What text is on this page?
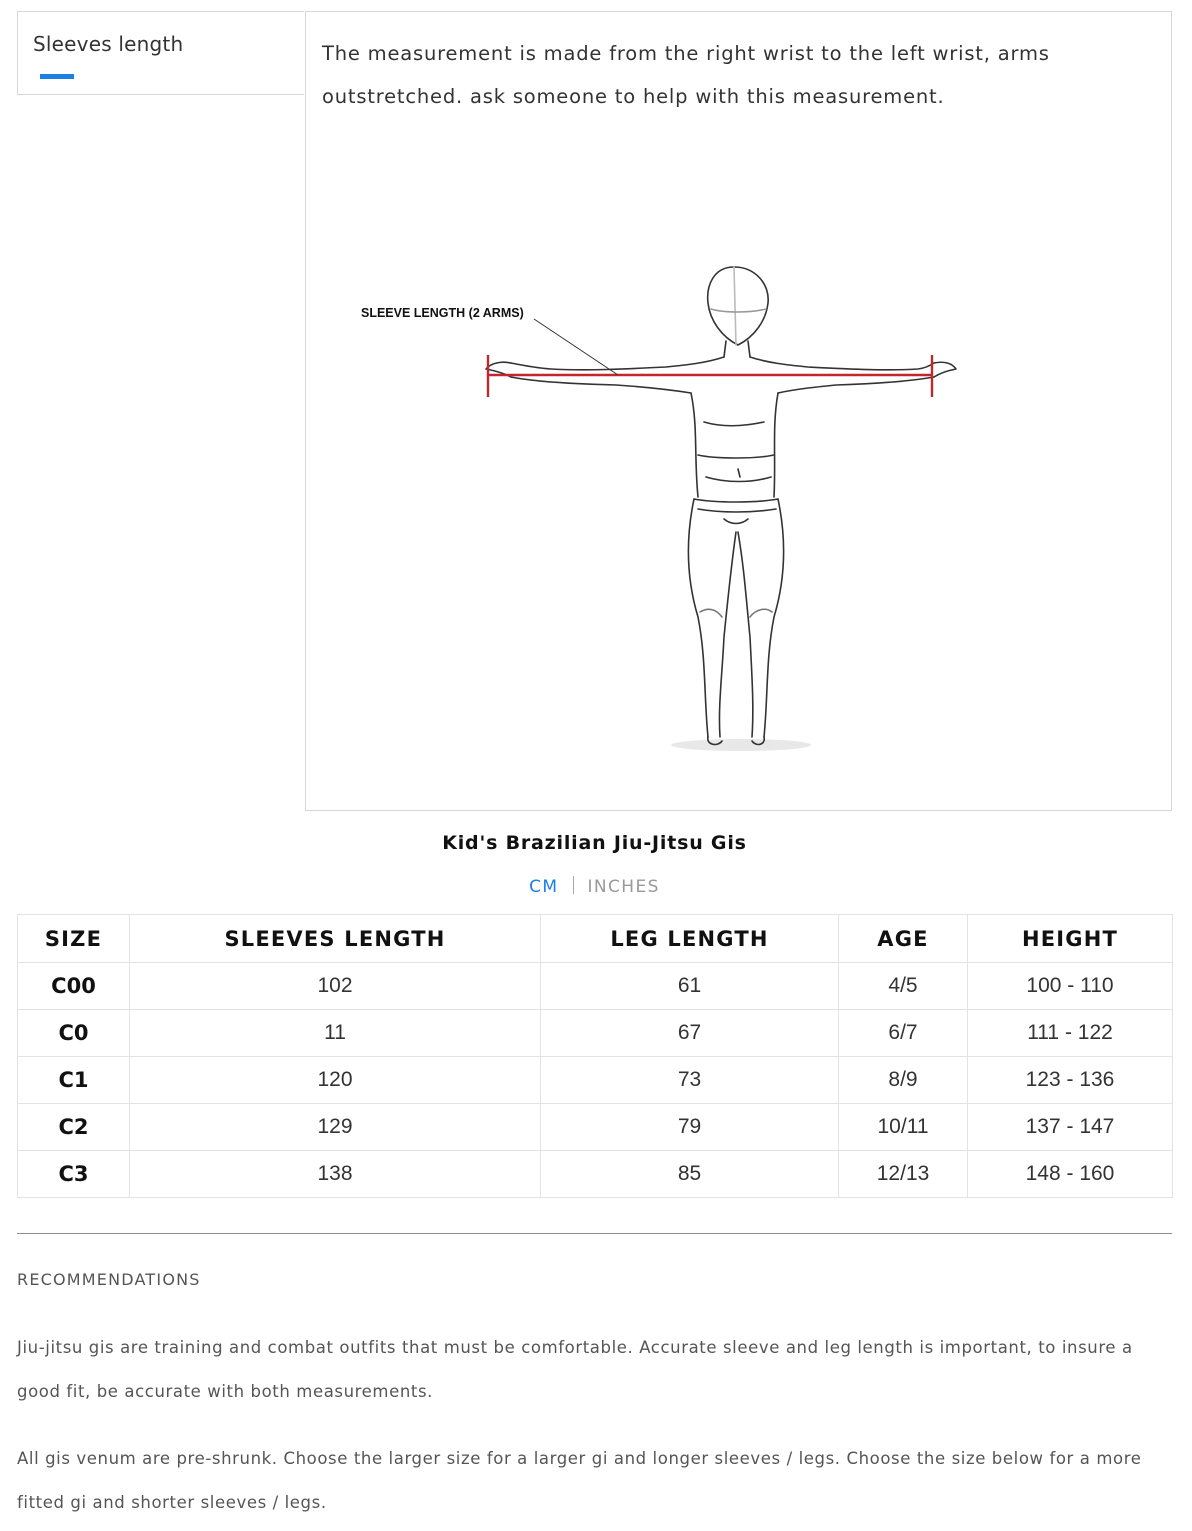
Sleeves length	The measurement is made from the right wrist to the left wrist, arms outstretched. ask someone to help with this measurement.

SLEEVE LENGTH (2 ARMS)
Kid's Brazilian Jiu-Jitsu Gis
CM INCHES
SIZE	SLEEVES LENGTH	LEG LENGTH	AGE	HEIGHT
C00	102	61	4/5	100 - 110
C0	11	67	6/7	111 - 122
C1	120	73	8/9	123 - 136
C2	129	79	10/11	137 - 147
C3	138	85	12/13	148 - 160
RECOMMENDATIONS

Jiu-jitsu gis are training and combat outfits that must be comfortable. Accurate sleeve and leg length is important, to insure a good fit, be accurate with both measurements.

All gis venum are pre-shrunk. Choose the larger size for a larger gi and longer sleeves / legs. Choose the size below for a more fitted gi and shorter sleeves / legs.
